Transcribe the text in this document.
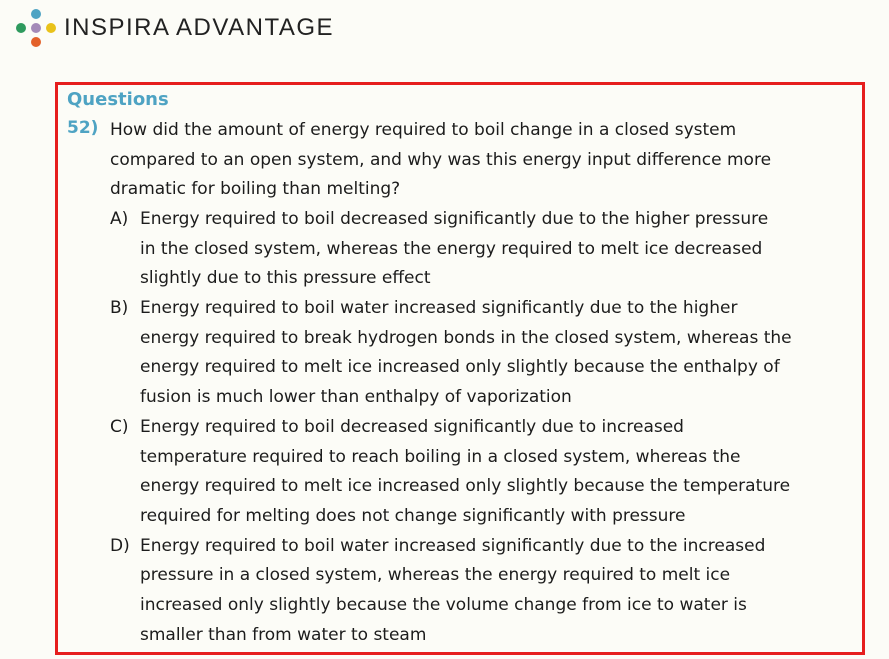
INSPIRA ADVANTAGE
Questions
52) How did the amount of energy required to boil change in a closed system
compared to an open system, and why was this energy input difference more
dramatic for boiling than melting?
A) Energy required to boil decreased significantly due to the higher pressure
in the closed system, whereas the energy required to melt ice decreased
slightly due to this pressure effect
B) Energy required to boil water increased significantly due to the higher
energy required to break hydrogen bonds in the closed system, whereas the
energy required to melt ice increased only slightly because the enthalpy of
fusion is much lower than enthalpy of vaporization
C) Energy required to boil decreased significantly due to increased
temperature required to reach boiling in a closed system, whereas the
energy required to melt ice increased only slightly because the temperature
required for melting does not change significantly with pressure
D) Energy required to boil water increased significantly due to the increased
pressure in a closed system, whereas the energy required to melt ice
increased only slightly because the volume change from ice to water is
smaller than from water to steam
